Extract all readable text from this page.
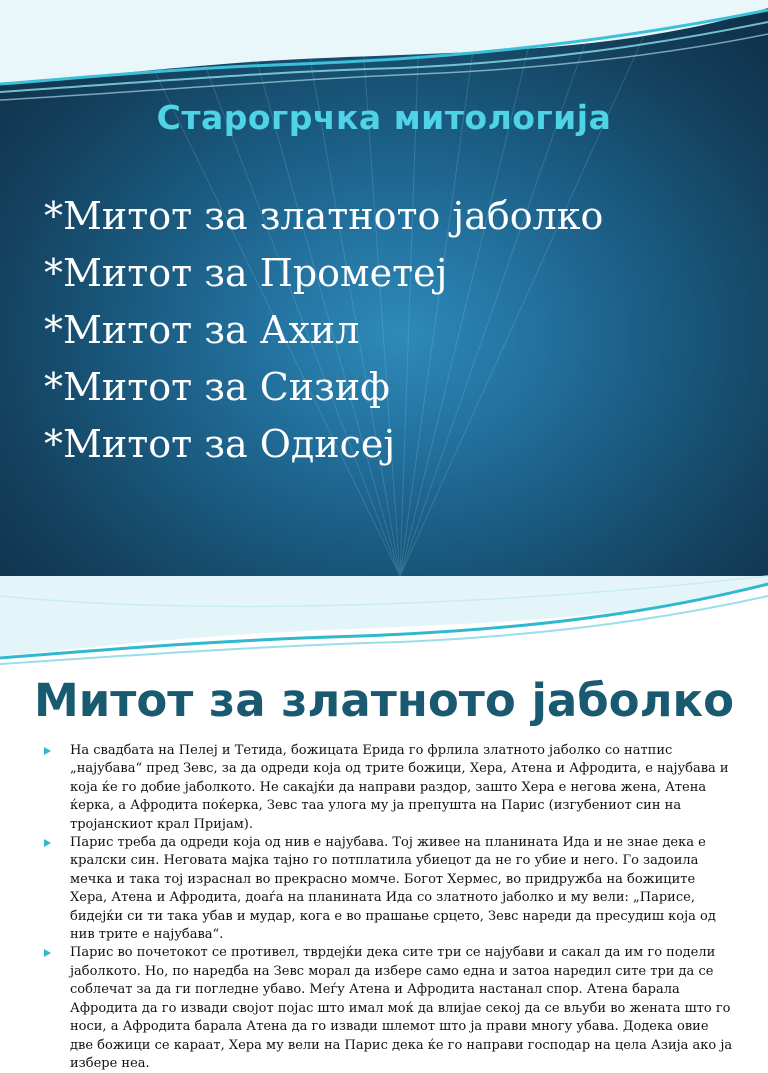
Старогрчка митологија
*Митот за златното јаболко
*Митот за Прометеј
*Митот за Ахил
*Митот за Сизиф
*Митот за Одисеј
Митот за златното јаболко
На свадбата на Пелеј и Тетида, божицата Ерида го фрлила златното јаболко со натпис „најубава“ пред Зевс, за да одреди која од трите божици, Хера, Атена и Афродита, е најубава и која ќе го добие јаболкото. Не сакајќи да направи раздор, зашто Хера е негова жена, Атена ќерка, а Афродита поќерка, Зевс таа улога му ја препушта на Парис (изгубениот син на тројанскиот крал Пријам).
Парис треба да одреди која од нив е најубава. Тој живее на планината Ида и не знае дека е кралски син. Неговата мајка тајно го потплатила убиецот да не го убие и него. Го задоила мечка и така тој израснал во прекрасно момче. Богот Хермес, во придружба на божиците Хера, Атена и Афродита, доаѓа на планината Ида со златното јаболко и му вели: „Парисе, бидејќи си ти така убав и мудар, кога е во прашање срцето, Зевс нареди да пресудиш која од нив трите е најубава“.
Парис во почетокот се противел, тврдејќи дека сите три се најубави и сакал да им го подели јаболкото. Но, по наредба на Зевс морал да избере само една и затоа наредил сите три да се соблечат за да ги погледне убаво. Меѓу Атена и Афродита настанал спор. Атена барала Афродита да го извади својот појас што имал моќ да влијае секој да се вљуби во жената што го носи, а Афродита барала Атена да го извади шлемот што ја прави многу убава. Додека овие две божици се караат, Хера му вели на Парис дека ќе го направи господар на цела Азија ако ја избере неа.
